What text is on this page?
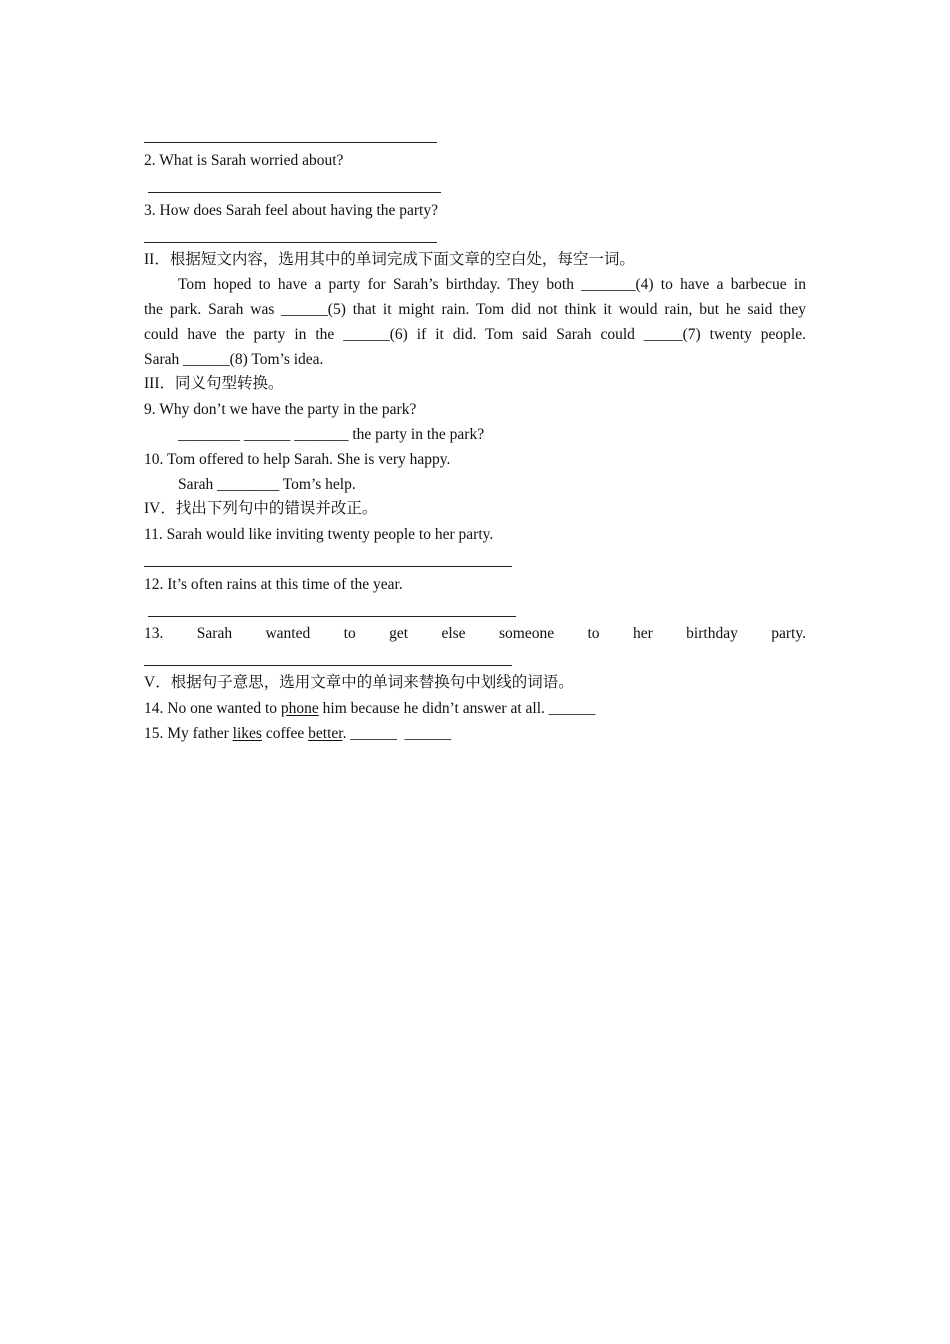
2. What is Sarah worried about?
3. How does Sarah feel about having the party?
II．根据短文内容，选用其中的单词完成下面文章的空白处，每空一词。
Tom hoped to have a party for Sarah’s birthday. They both _______(4) to have a barbecue in
the park. Sarah was ______(5) that it might rain. Tom did not think it would rain, but he said they
could have the party in the ______(6) if it did. Tom said Sarah could _____(7) twenty people.
Sarah ______(8) Tom’s idea.
III．同义句型转换。
9. Why don’t we have the party in the park?
________ ______ _______ the party in the park?
10. Tom offered to help Sarah. She is very happy.
Sarah ________ Tom’s help.
IV．找出下列句中的错误并改正。
11. Sarah would like inviting twenty people to her party.
12. It’s often rains at this time of the year.
13. Sarah wanted to get else someone to her birthday party.
V．根据句子意思，选用文章中的单词来替换句中划线的词语。
14. No one wanted to phone him because he didn’t answer at all. ______
15. My father likes coffee better. ______  ______
